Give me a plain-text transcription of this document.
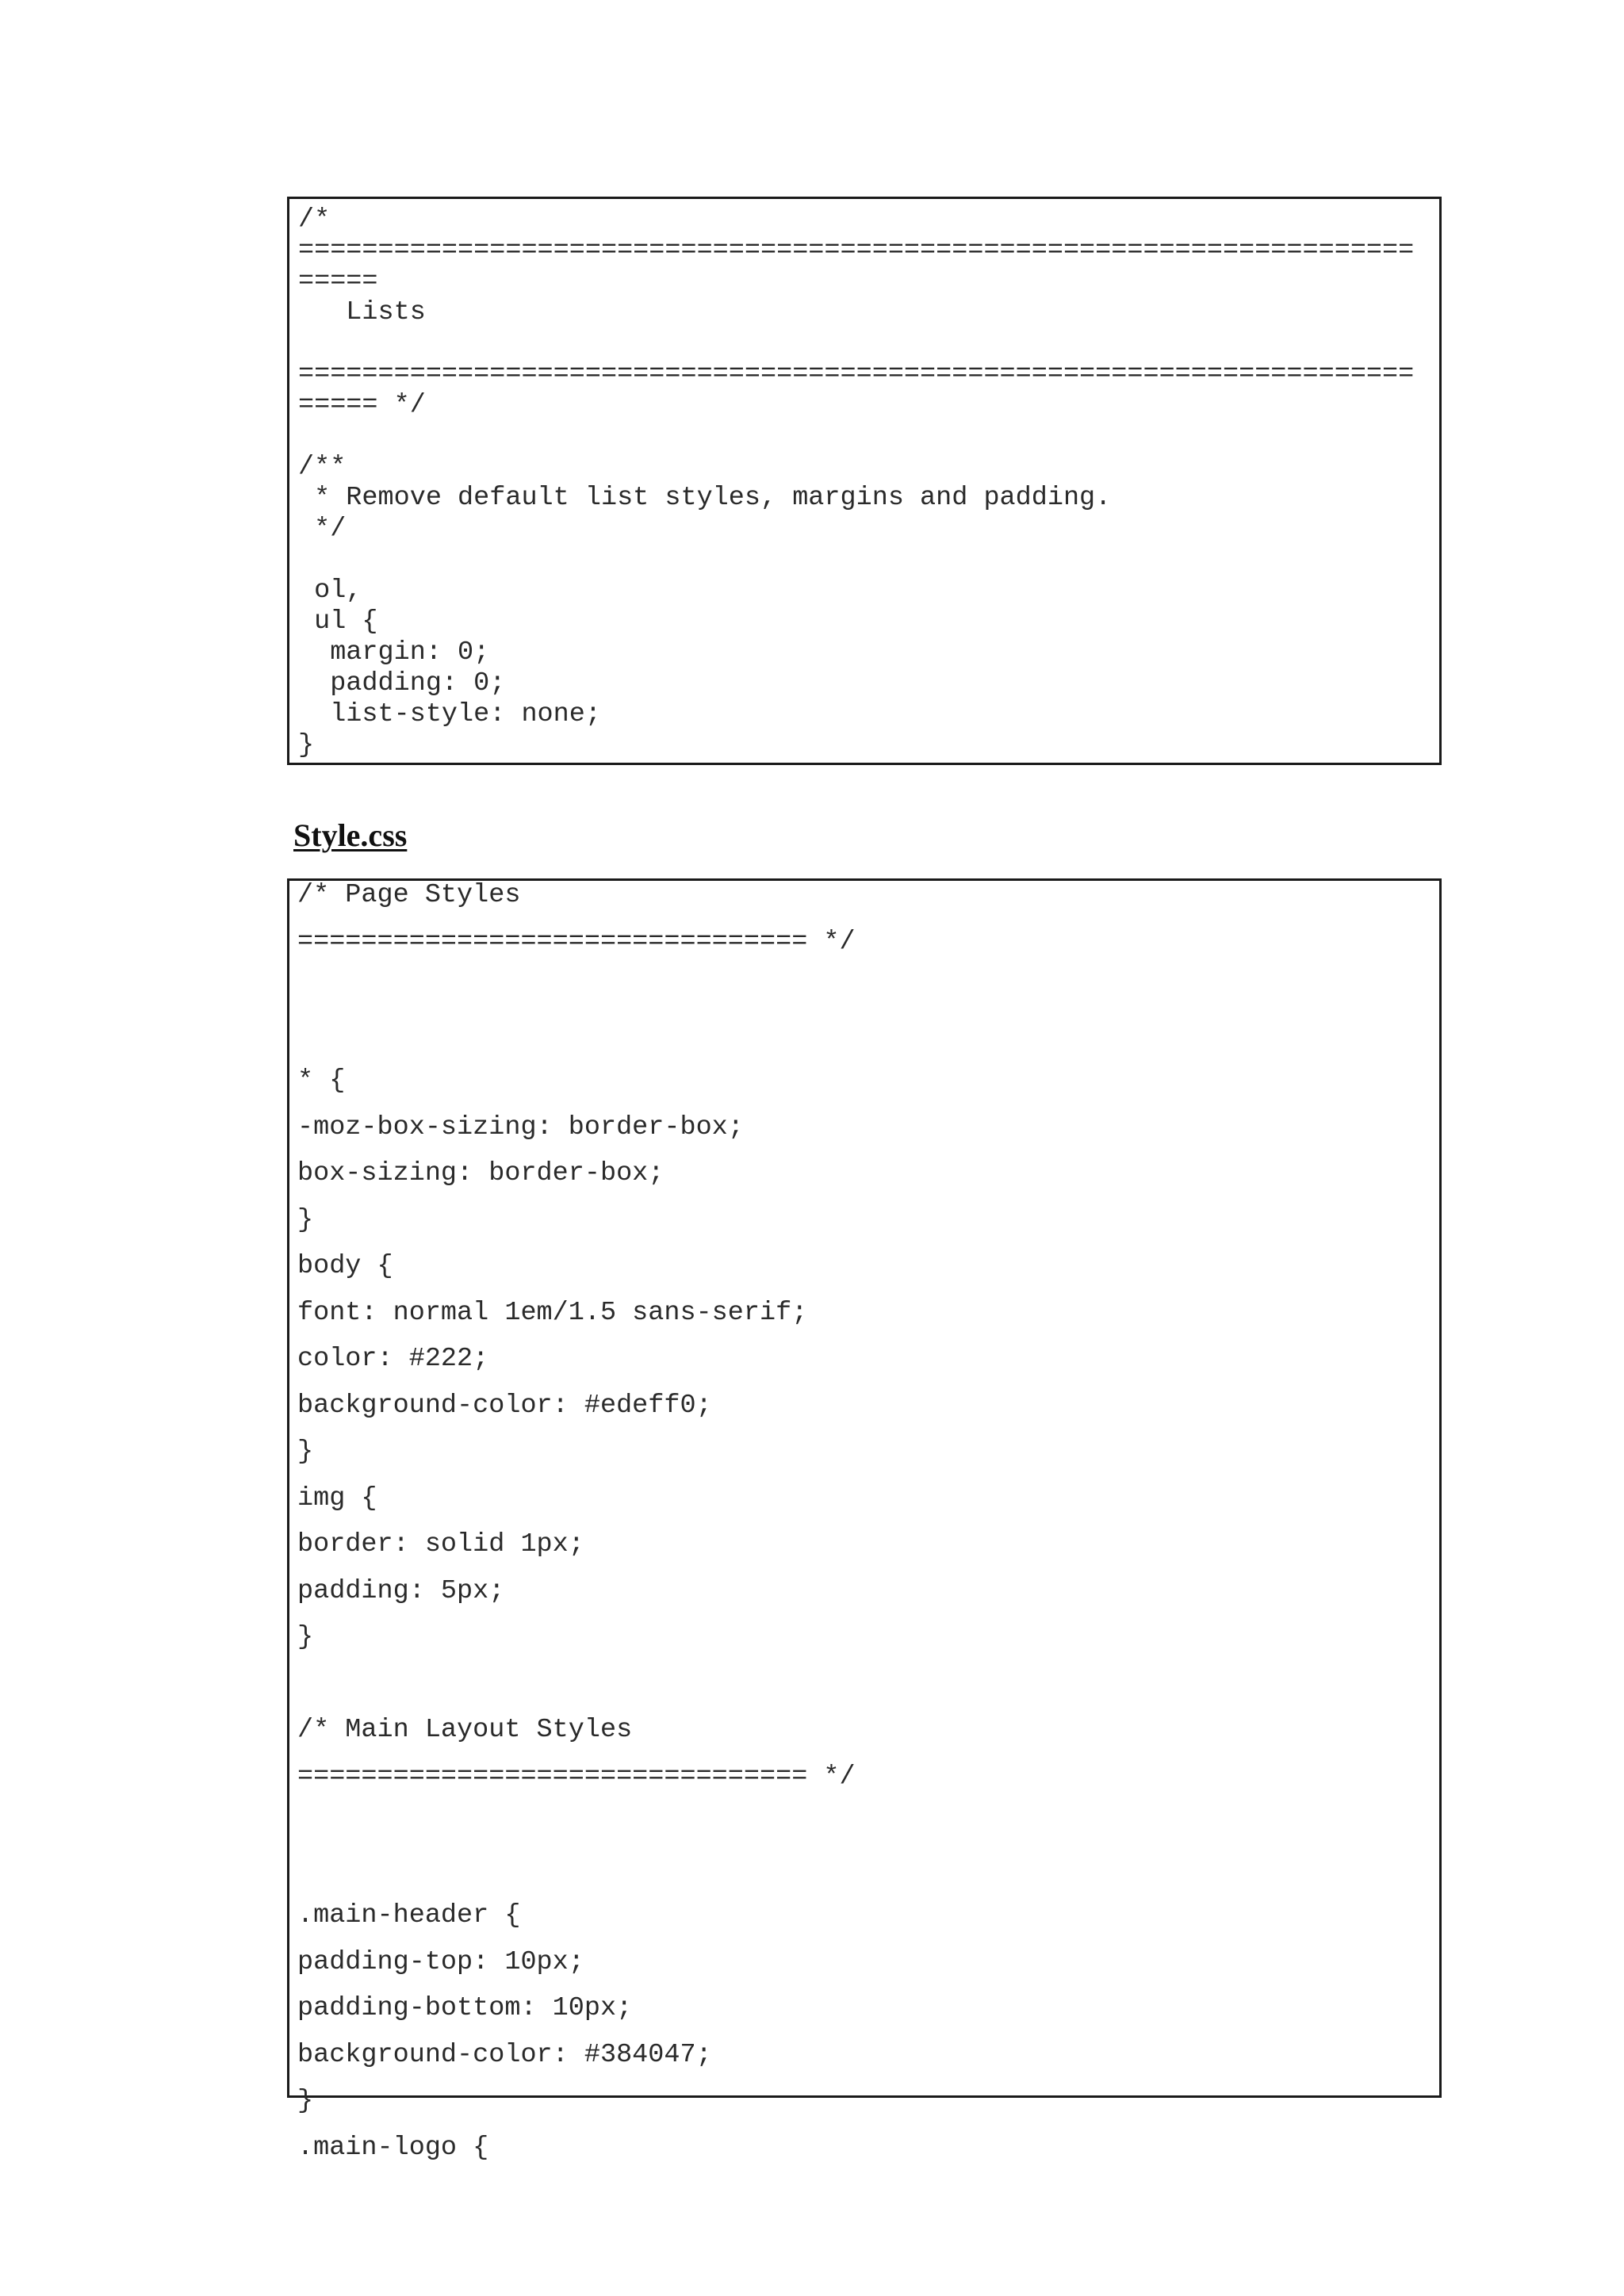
/*
======================================================================
=====
Lists
======================================================================
===== */
/**
* Remove default list styles, margins and padding.
*/
ol,
ul {
margin: 0;
padding: 0;
list-style: none;
}
Style.css
/* Page Styles
================================ */
* {
-moz-box-sizing: border-box;
box-sizing: border-box;
}
body {
font: normal 1em/1.5 sans-serif;
color: #222;
background-color: #edeff0;
}
img {
border: solid 1px;
padding: 5px;
}
/* Main Layout Styles
================================ */
.main-header {
padding-top: 10px;
padding-bottom: 10px;
background-color: #384047;
}
.main-logo {
